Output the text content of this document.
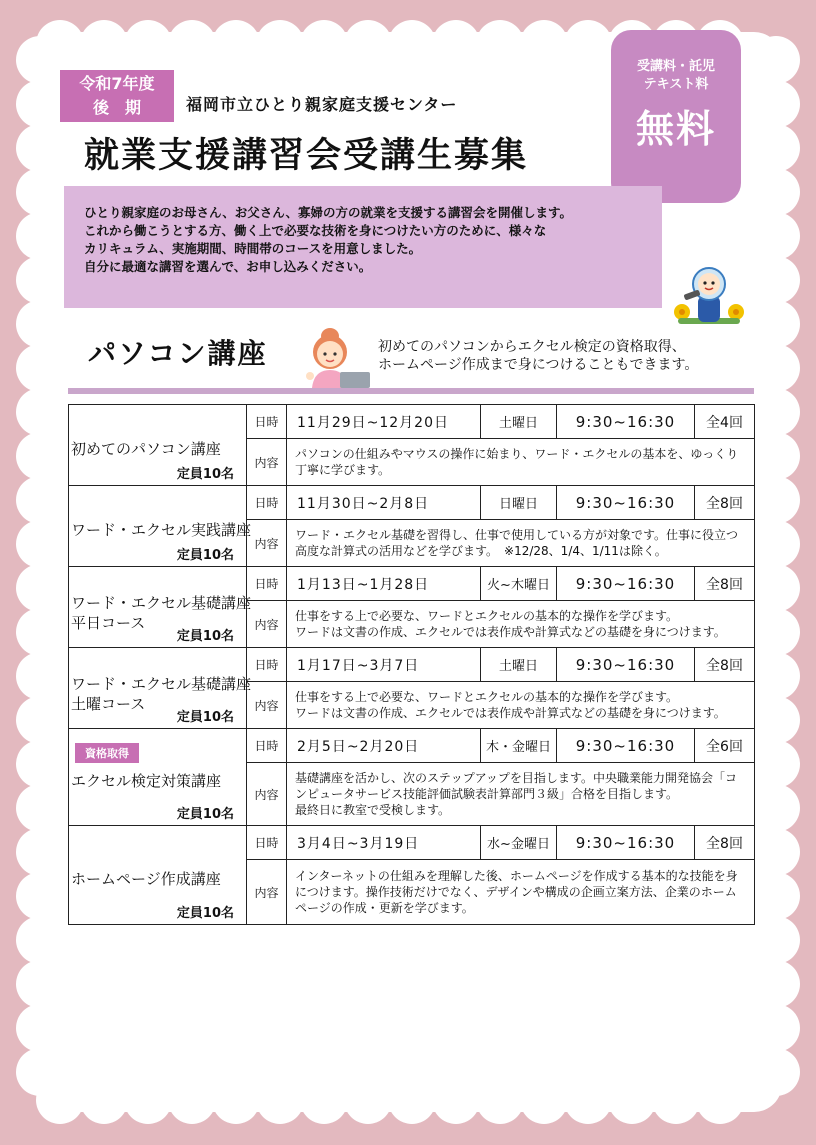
令和7年度
後　期	福岡市立ひとり親家庭支援センター
就業支援講習会受講生募集
受講料・託児
テキスト料
無料
ひとり親家庭のお母さん、お父さん、寡婦の方の就業を支援する講習会を開催します。
これから働こうとする方、働く上で必要な技術を身につけたい方のために、様々な
カリキュラム、実施期間、時間帯のコースを用意しました。
自分に最適な講習を選んで、お申し込みください。
パソコン講座	初めてのパソコンからエクセル検定の資格取得、
ホームページ作成まで身につけることもできます。
初めてのパソコン講座
定員10名	日時	11月29日~12月20日	土曜日	9:30~16:30	全4回
	内容	パソコンの仕組みやマウスの操作に始まり、ワード・エクセルの基本を、ゆっくり
丁寧に学びます。			

ワード・エクセル実践講座
定員10名	日時	11月30日~2月8日	日曜日	9:30~16:30	全8回
	内容	ワード・エクセル基礎を習得し、仕事で使用している方が対象です。仕事に役立つ
高度な計算式の活用などを学びます。　※12/28、1/4、1/11は除く。			

ワード・エクセル基礎講座
平日コース
定員10名	日時	1月13日~1月28日	火~木曜日	9:30~16:30	全8回
	内容	仕事をする上で必要な、ワードとエクセルの基本的な操作を学びます。
ワードは文書の作成、エクセルでは表作成や計算式などの基礎を身につけます。			

ワード・エクセル基礎講座
土曜コース
定員10名	日時	1月17日~3月7日	土曜日	9:30~16:30	全8回
	内容	仕事をする上で必要な、ワードとエクセルの基本的な操作を学びます。
ワードは文書の作成、エクセルでは表作成や計算式などの基礎を身につけます。			

資格取得
エクセル検定対策講座
定員10名	日時	2月5日~2月20日	木・金曜日	9:30~16:30	全6回
	内容	基礎講座を活かし、次のステップアップを目指します。中央職業能力開発協会「コ
ンピュータサービス技能評価試験表計算部門３級」合格を目指します。
最終日に教室で受検します。			

ホームページ作成講座
定員10名	日時	3月4日~3月19日	水~金曜日	9:30~16:30	全8回
	内容	インターネットの仕組みを理解した後、ホームページを作成する基本的な技能を身
につけます。操作技術だけでなく、デザインや構成の企画立案方法、企業のホーム
ページの作成・更新を学びます。			
